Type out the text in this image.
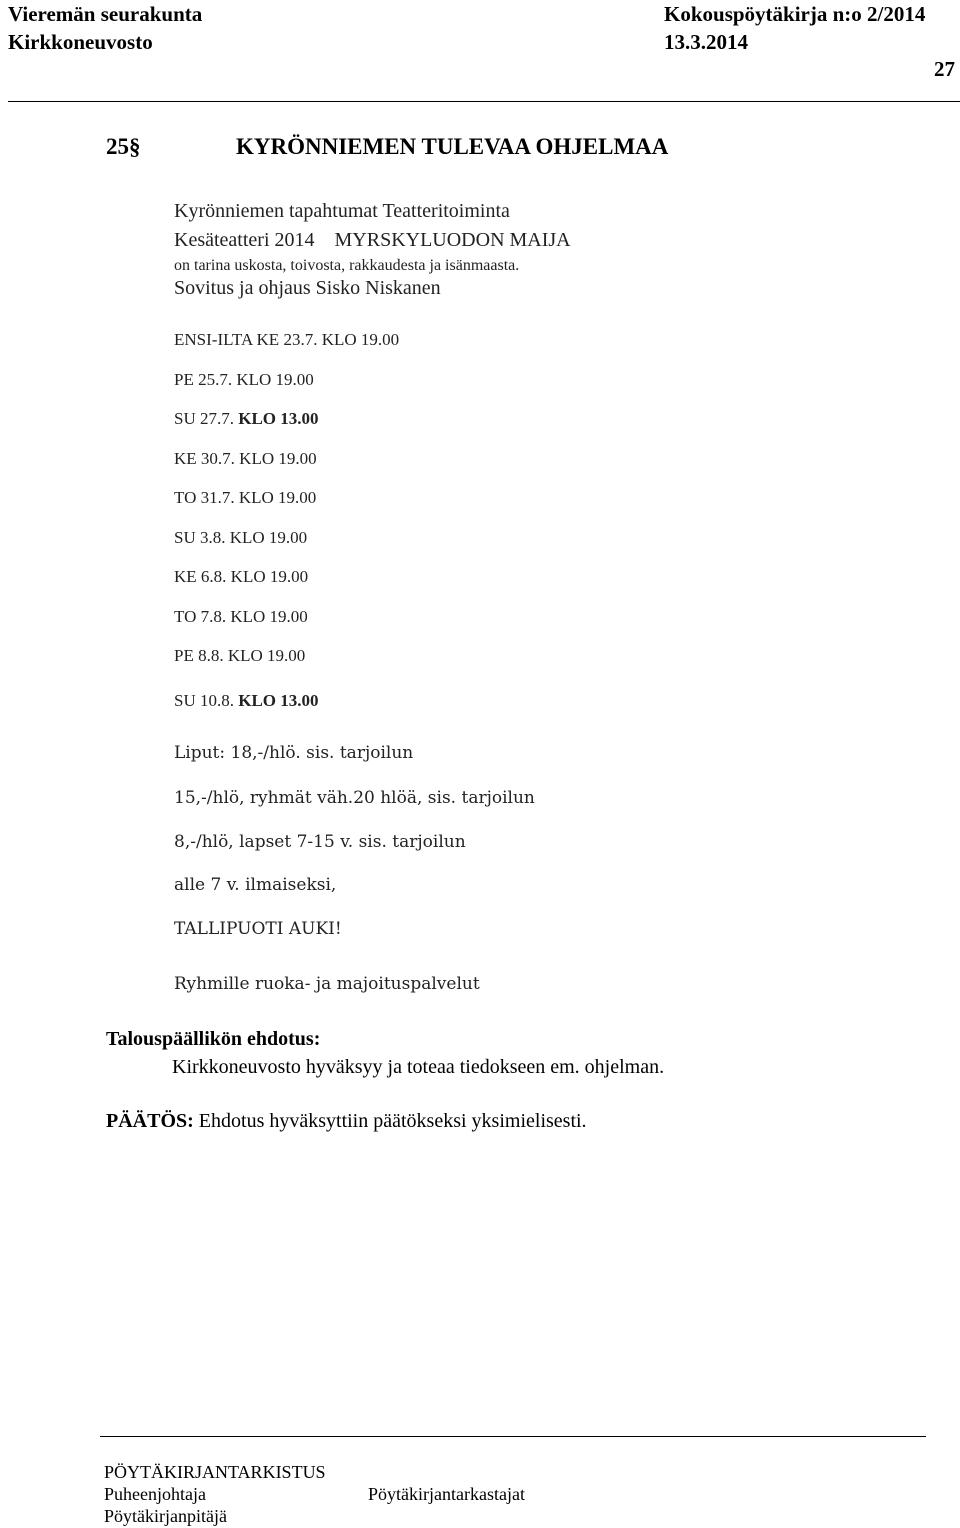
Vieremän seurakunta
Kirkkoneuvosto
Kokouspöytäkirja n:o 2/2014
13.3.2014
27
25§	KYRÖNNIEMEN TULEVAA OHJELMAA
Kyrönniemen tapahtumat Teatteritoiminta
Kesäteatteri 2014    MYRSKYLUODON MAIJA
on tarina uskosta, toivosta, rakkaudesta ja isänmaasta.
Sovitus ja ohjaus Sisko Niskanen
ENSI-ILTA KE 23.7. KLO 19.00
PE 25.7. KLO 19.00
SU 27.7. KLO 13.00
KE 30.7. KLO 19.00
TO 31.7. KLO 19.00
SU 3.8. KLO 19.00
KE 6.8. KLO 19.00
TO 7.8. KLO 19.00
PE 8.8. KLO 19.00
SU 10.8. KLO 13.00
Liput: 18,-/hlö. sis. tarjoilun
15,-/hlö, ryhmät väh.20 hlöä, sis. tarjoilun
8,-/hlö, lapset 7-15 v. sis. tarjoilun
alle 7 v. ilmaiseksi,
TALLIPUOTI AUKI!
Ryhmille ruoka- ja majoituspalvelut
Talouspäällikön ehdotus:
Kirkkoneuvosto hyväksyy ja toteaa tiedokseen em. ohjelman.
PÄÄTÖS: Ehdotus hyväksyttiin päätökseksi yksimielisesti.
PÖYTÄKIRJANTARKISTUS
Puheenjohtaja	Pöytäkirjantarkastajat
Pöytäkirjanpitäjä
